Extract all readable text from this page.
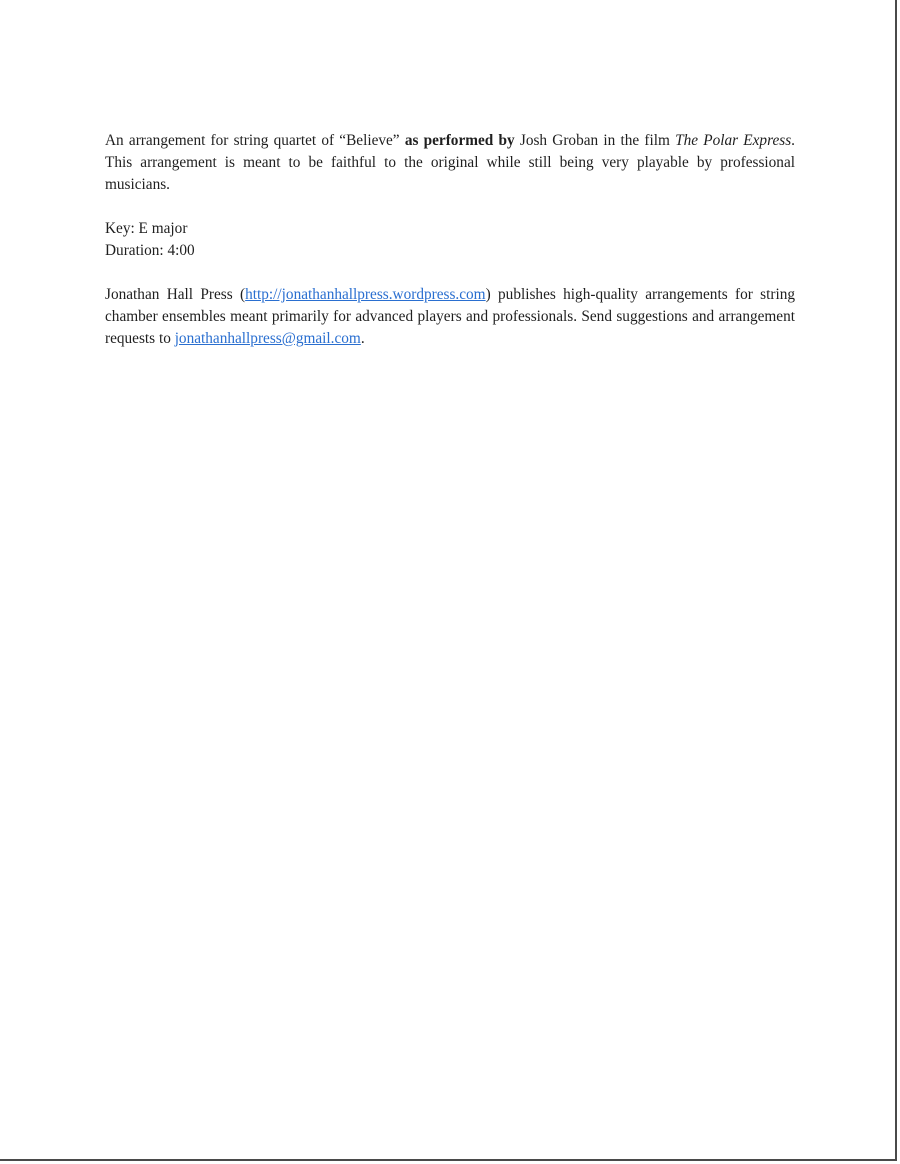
An arrangement for string quartet of “Believe” as performed by Josh Groban in the film The Polar Express. This arrangement is meant to be faithful to the original while still being very playable by professional musicians.

Key: E major
Duration: 4:00

Jonathan Hall Press (http://jonathanhallpress.wordpress.com) publishes high-quality arrangements for string chamber ensembles meant primarily for advanced players and professionals. Send suggestions and arrangement requests to jonathanhallpress@gmail.com.
